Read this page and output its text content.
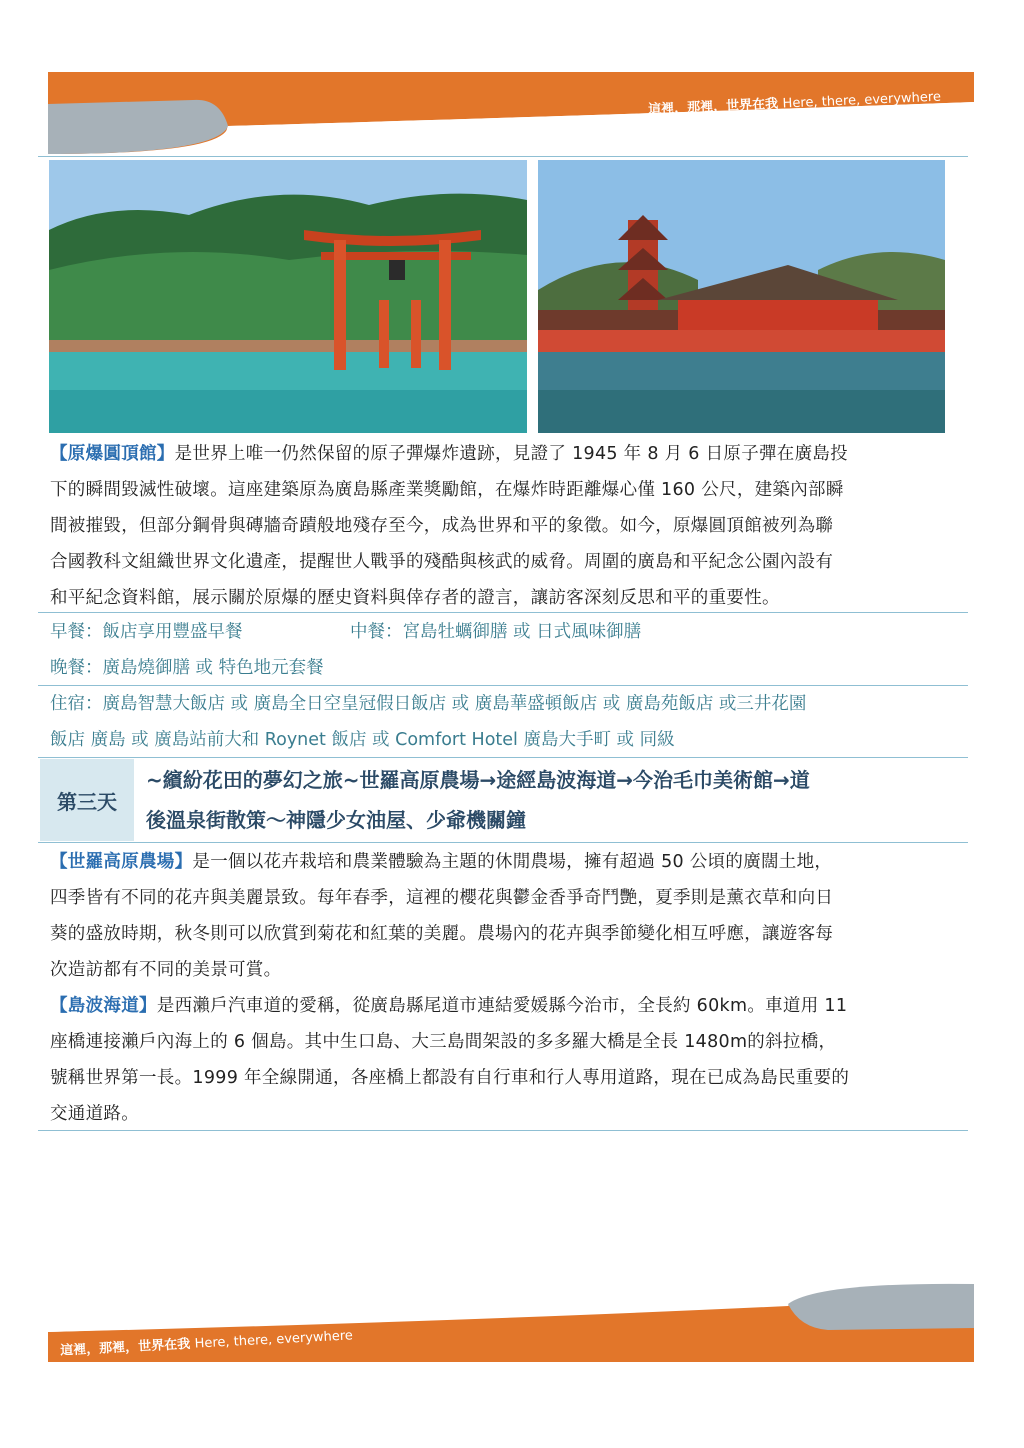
這裡，那裡，世界在我 Here, there, everywhere
【原爆圓頂館】是世界上唯一仍然保留的原子彈爆炸遺跡，見證了 1945 年 8 月 6 日原子彈在廣島投
下的瞬間毀滅性破壞。這座建築原為廣島縣產業獎勵館，在爆炸時距離爆心僅 160 公尺，建築內部瞬
間被摧毀，但部分鋼骨與磚牆奇蹟般地殘存至今，成為世界和平的象徵。如今，原爆圓頂館被列為聯
合國教科文組織世界文化遺產，提醒世人戰爭的殘酷與核武的威脅。周圍的廣島和平紀念公園內設有
和平紀念資料館，展示關於原爆的歷史資料與倖存者的證言，讓訪客深刻反思和平的重要性。
早餐：飯店享用豐盛早餐	中餐：宮島牡蠣御膳 或 日式風味御膳
晚餐：廣島燒御膳 或 特色地元套餐
住宿：廣島智慧大飯店 或 廣島全日空皇冠假日飯店 或 廣島華盛頓飯店 或 廣島苑飯店 或三井花園
飯店 廣島 或 廣島站前大和 Roynet 飯店 或 Comfort Hotel 廣島大手町 或 同級
第三天
~繽紛花田的夢幻之旅~世羅高原農場→途經島波海道→今治毛巾美術館→道
後溫泉街散策～神隱少女油屋、少爺機關鐘
【世羅高原農場】是一個以花卉栽培和農業體驗為主題的休閒農場，擁有超過 50 公頃的廣闊土地，
四季皆有不同的花卉與美麗景致。每年春季，這裡的櫻花與鬱金香爭奇鬥艷，夏季則是薰衣草和向日
葵的盛放時期，秋冬則可以欣賞到菊花和紅葉的美麗。農場內的花卉與季節變化相互呼應，讓遊客每
次造訪都有不同的美景可賞。
【島波海道】是西瀨戶汽車道的愛稱，從廣島縣尾道市連結愛媛縣今治市，全長約 60km。車道用 11
座橋連接瀨戶內海上的 6 個島。其中生口島、大三島間架設的多多羅大橋是全長 1480m的斜拉橋，
號稱世界第一長。1999 年全線開通，各座橋上都設有自行車和行人專用道路，現在已成為島民重要的
交通道路。
這裡，那裡，世界在我 Here, there, everywhere
